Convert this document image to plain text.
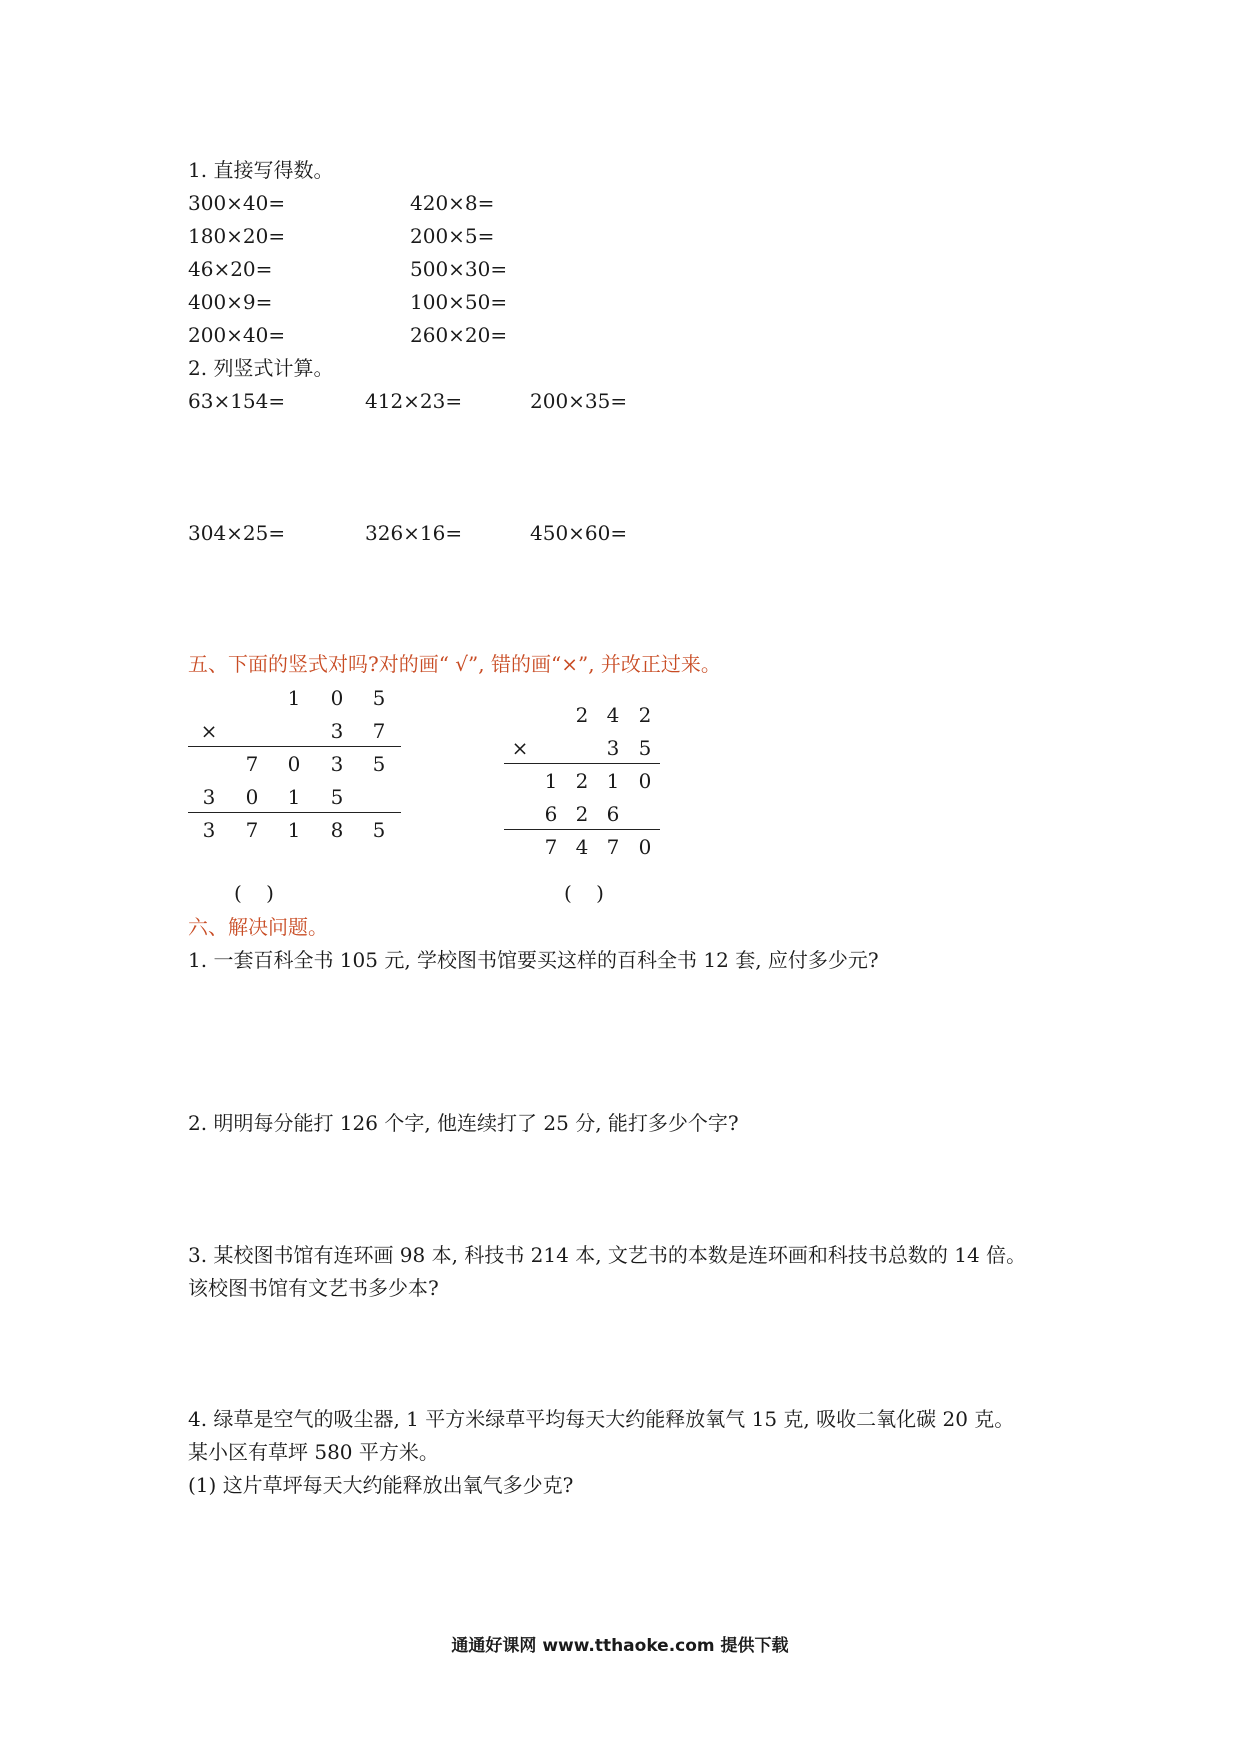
1. 直接写得数。
300×40=	420×8=
180×20=	200×5=
46×20=	500×30=
400×9=	100×50=
200×40=	260×20=
2. 列竖式计算。
63×154=	412×23=	200×35=
304×25=	326×16=	450×60=
五、下面的竖式对吗?对的画“ √”, 错的画“×”, 并改正过来。
1 0 5
×	3 7
7 0 3 5
3 0 1 5
3 7 1 8 5
( )
2 4 2
×	3 5
1 2 1 0
6 2 6
7 4 7 0
( )
六、解决问题。
1. 一套百科全书 105 元, 学校图书馆要买这样的百科全书 12 套, 应付多少元?
2. 明明每分能打 126 个字, 他连续打了 25 分, 能打多少个字?
3. 某校图书馆有连环画 98 本, 科技书 214 本, 文艺书的本数是连环画和科技书总数的 14 倍。
该校图书馆有文艺书多少本?
4. 绿草是空气的吸尘器, 1 平方米绿草平均每天大约能释放氧气 15 克, 吸收二氧化碳 20 克。
某小区有草坪 580 平方米。
(1) 这片草坪每天大约能释放出氧气多少克?
通通好课网 www.tthaoke.com 提供下载
